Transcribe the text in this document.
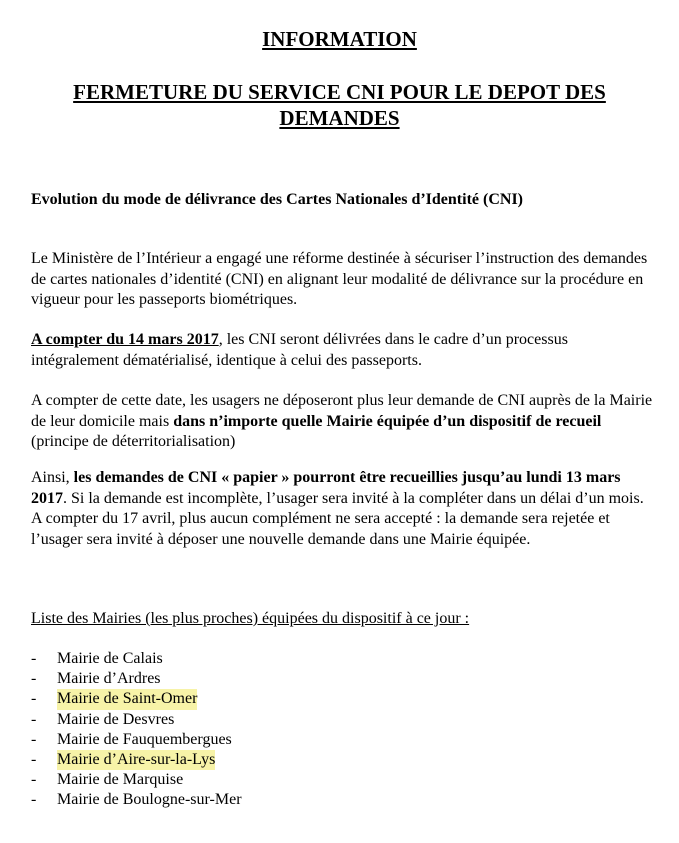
INFORMATION
FERMETURE DU SERVICE CNI POUR LE DEPOT DES
DEMANDES
Evolution du mode de délivrance des Cartes Nationales d’Identité (CNI)

Le Ministère de l’Intérieur a engagé une réforme destinée à sécuriser l’instruction des demandes de cartes nationales d’identité (CNI) en alignant leur modalité de délivrance sur la procédure en vigueur pour les passeports biométriques.

A compter du 14 mars 2017, les CNI seront délivrées dans le cadre d’un processus intégralement dématérialisé, identique à celui des passeports.

A compter de cette date, les usagers ne déposeront plus leur demande de CNI auprès de la Mairie de leur domicile mais dans n’importe quelle Mairie équipée d’un dispositif de recueil (principe de déterritorialisation)

Ainsi, les demandes de CNI « papier » pourront être recueillies jusqu’au lundi 13 mars 2017. Si la demande est incomplète, l’usager sera invité à la compléter dans un délai d’un mois. A compter du 17 avril, plus aucun complément ne sera accepté : la demande sera rejetée et l’usager sera invité à déposer une nouvelle demande dans une Mairie équipée.

Liste des Mairies (les plus proches) équipées du dispositif à ce jour :
- Mairie de Calais
- Mairie d’Ardres
- Mairie de Saint-Omer
- Mairie de Desvres
- Mairie de Fauquembergues
- Mairie d’Aire-sur-la-Lys
- Mairie de Marquise
- Mairie de Boulogne-sur-Mer
